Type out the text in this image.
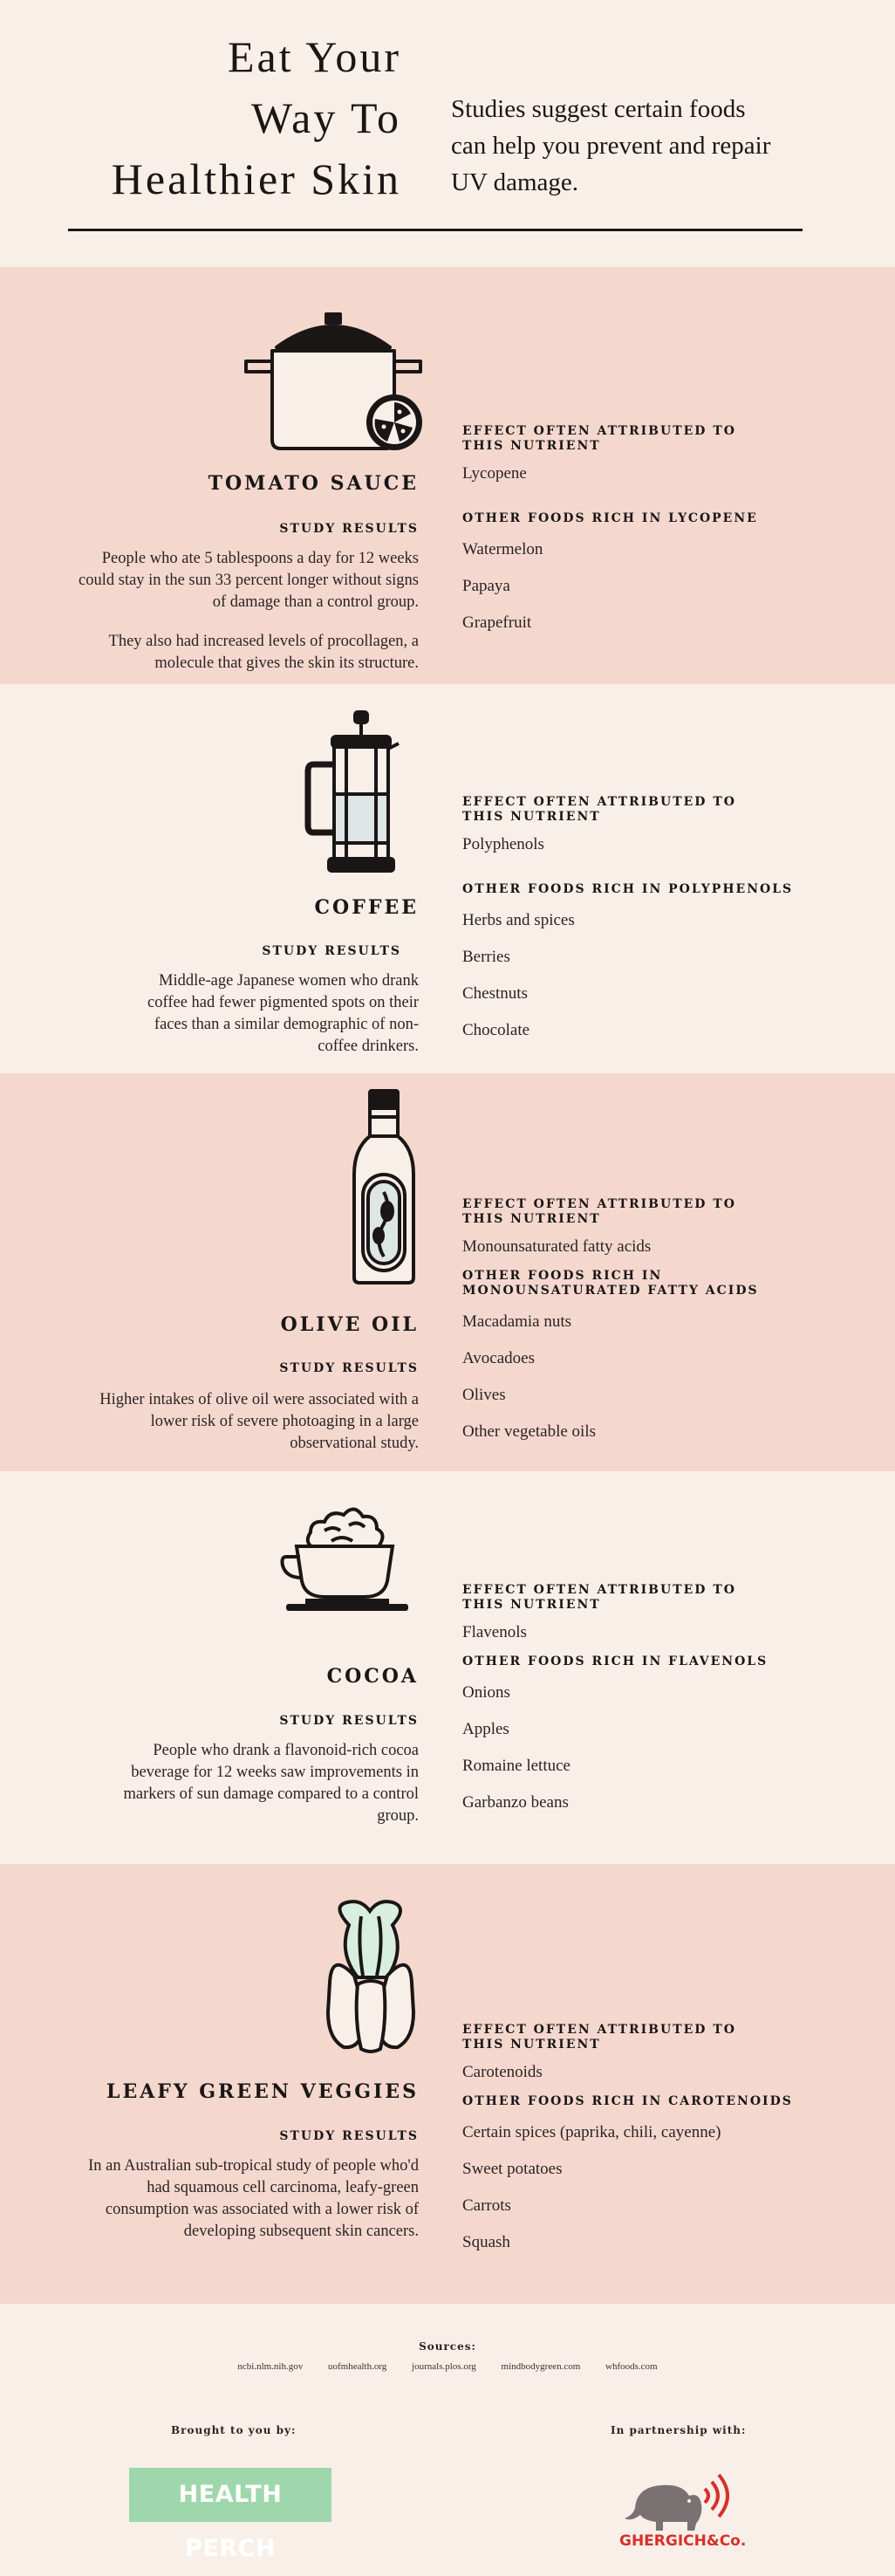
Eat Your
Way To
Healthier Skin
Studies suggest certain foods can help you prevent and repair UV damage.
TOMATO SAUCE
STUDY RESULTS

People who ate 5 tablespoons a day for 12 weeks could stay in the sun 33 percent longer without signs of damage than a control group.

They also had increased levels of procollagen, a molecule that gives the skin its structure.

EFFECT OFTEN ATTRIBUTED TO THIS NUTRIENT
Lycopene
OTHER FOODS RICH IN LYCOPENE
Watermelon
Papaya
Grapefruit
COFFEE
STUDY RESULTS

Middle-age Japanese women who drank coffee had fewer pigmented spots on their faces than a similar demographic of non-coffee drinkers.

EFFECT OFTEN ATTRIBUTED TO THIS NUTRIENT
Polyphenols
OTHER FOODS RICH IN POLYPHENOLS
Herbs and spices
Berries
Chestnuts
Chocolate
OLIVE OIL
STUDY RESULTS

Higher intakes of olive oil were associated with a lower risk of severe photoaging in a large observational study.

EFFECT OFTEN ATTRIBUTED TO THIS NUTRIENT
Monounsaturated fatty acids
OTHER FOODS RICH IN MONOUNSATURATED FATTY ACIDS
Macadamia nuts
Avocadoes
Olives
Other vegetable oils
COCOA
STUDY RESULTS

People who drank a flavonoid-rich cocoa beverage for 12 weeks saw improvements in markers of sun damage compared to a control group.

EFFECT OFTEN ATTRIBUTED TO THIS NUTRIENT
Flavenols
OTHER FOODS RICH IN FLAVENOLS
Onions
Apples
Romaine lettuce
Garbanzo beans
LEAFY GREEN VEGGIES
STUDY RESULTS

In an Australian sub-tropical study of people who'd had squamous cell carcinoma, leafy-green consumption was associated with a lower risk of developing subsequent skin cancers.

EFFECT OFTEN ATTRIBUTED TO THIS NUTRIENT
Carotenoids
OTHER FOODS RICH IN CAROTENOIDS
Certain spices (paprika, chili, cayenne)
Sweet potatoes
Carrots
Squash
Sources:
ncbi.nlm.nih.gov	uofmhealth.org	journals.plos.org	mindbodygreen.com	whfoods.com
Brought to you by:	In partnership with:
HEALTH PERCH	GHERGICH&Co.
